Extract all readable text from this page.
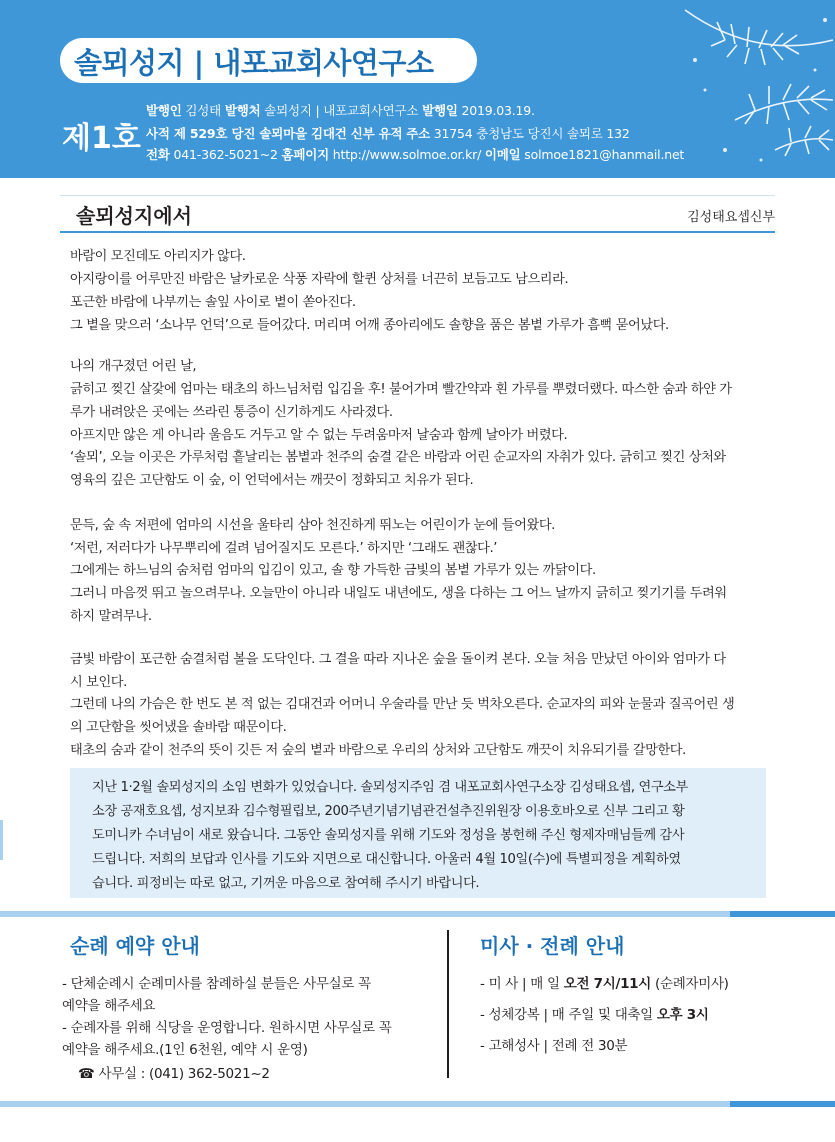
솔뫼성지 | 내포교회사연구소
제1호
발행인 김성태 발행처 솔뫼성지 | 내포교회사연구소 발행일 2019.03.19.
사적 제 529호 당진 솔뫼마을 김대건 신부 유적 주소 31754 충청남도 당진시 솔뫼로 132
전화 041-362-5021~2 홈페이지 http://www.solmoe.or.kr/ 이메일 solmoe1821@hanmail.net
솔뫼성지에서	김성태요셉신부
바람이 모진데도 아리지가 않다.
아지랑이를 어루만진 바람은 날카로운 삭풍 자락에 할퀸 상처를 너끈히 보듬고도 남으리라.
포근한 바람에 나부끼는 솔잎 사이로 볕이 쏟아진다.
그 볕을 맞으러 ‘소나무 언덕’으로 들어갔다. 머리며 어깨 종아리에도 솔향을 품은 봄볕 가루가 흠뻑 묻어났다.
나의 개구졌던 어린 날,
긁히고 찢긴 살갗에 엄마는 태초의 하느님처럼 입김을 후! 불어가며 빨간약과 흰 가루를 뿌렸더랬다. 따스한 숨과 하얀 가
루가 내려앉은 곳에는 쓰라린 통증이 신기하게도 사라졌다.
아프지만 않은 게 아니라 울음도 거두고 알 수 없는 두려움마저 날숨과 함께 날아가 버렸다.
‘솔뫼’, 오늘 이곳은 가루처럼 흩날리는 봄볕과 천주의 숨결 같은 바람과 어린 순교자의 자취가 있다. 긁히고 찢긴 상처와
영육의 깊은 고단함도 이 숲, 이 언덕에서는 깨끗이 정화되고 치유가 된다.
문득, 숲 속 저편에 엄마의 시선을 울타리 삼아 천진하게 뛰노는 어린이가 눈에 들어왔다.
‘저런, 저러다가 나무뿌리에 걸려 넘어질지도 모른다.’ 하지만 ‘그래도 괜찮다.’
그에게는 하느님의 숨처럼 엄마의 입김이 있고, 솔 향 가득한 금빛의 봄볕 가루가 있는 까닭이다.
그러니 마음껏 뛰고 놀으려무나. 오늘만이 아니라 내일도 내년에도, 생을 다하는 그 어느 날까지 긁히고 찢기기를 두려워
하지 말려무나.
금빛 바람이 포근한 숨결처럼 볼을 도닥인다. 그 결을 따라 지나온 숲을 돌이켜 본다. 오늘 처음 만났던 아이와 엄마가 다
시 보인다.
그런데 나의 가슴은 한 번도 본 적 없는 김대건과 어머니 우술라를 만난 듯 벅차오른다. 순교자의 피와 눈물과 질곡어린 생
의 고단함을 씻어냈을 솔바람 때문이다.
태초의 숨과 같이 천주의 뜻이 깃든 저 숲의 볕과 바람으로 우리의 상처와 고단함도 깨끗이 치유되기를 갈망한다.
지난 1·2월 솔뫼성지의 소임 변화가 있었습니다. 솔뫼성지주임 겸 내포교회사연구소장 김성태요셉, 연구소부
소장 공재호요셉, 성지보좌 김수형필립보, 200주년기념기념관건설추진위원장 이용호바오로 신부 그리고 황
도미니카 수녀님이 새로 왔습니다. 그동안 솔뫼성지를 위해 기도와 정성을 봉헌해 주신 형제자매님들께 감사
드립니다. 저희의 보답과 인사를 기도와 지면으로 대신합니다. 아울러 4월 10일(수)에 특별피정을 계획하였
습니다. 피정비는 따로 없고, 기꺼운 마음으로 참여해 주시기 바랍니다.
순례 예약 안내
- 단체순례시 순례미사를 참례하실 분들은 사무실로 꼭
예약을 해주세요
- 순례자를 위해 식당을 운영합니다. 원하시면 사무실로 꼭
예약을 해주세요.(1인 6천원, 예약 시 운영)
☎ 사무실 : (041) 362-5021~2
미사 · 전례 안내
- 미 사 | 매 일 오전 7시/11시 (순례자미사)
- 성체강복 | 매 주일 및 대축일 오후 3시
- 고해성사 | 전례 전 30분
